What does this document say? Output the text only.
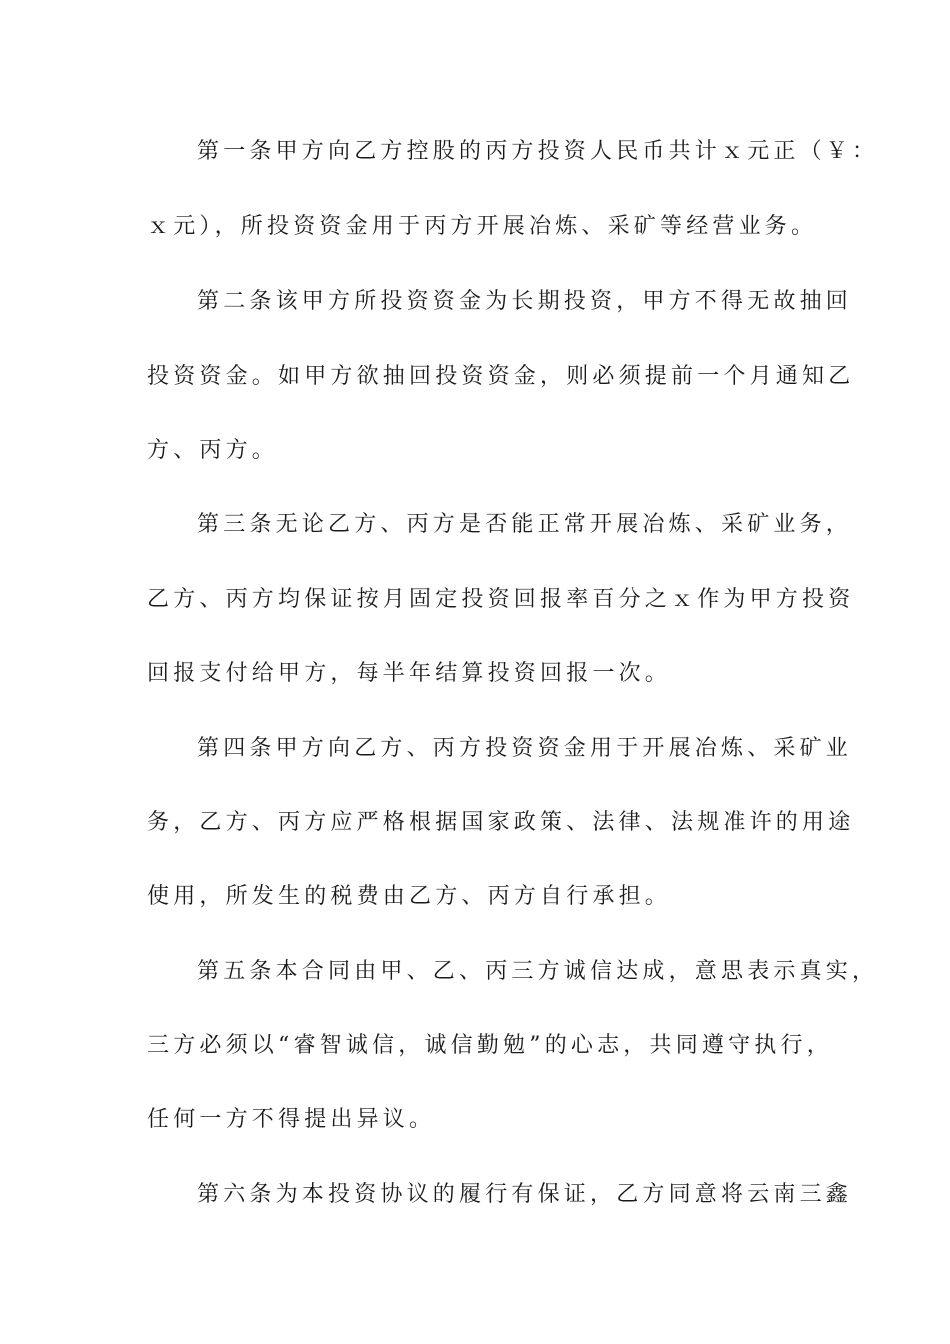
第一条甲方向乙方控股的丙方投资人民币共计ｘ元正（￥：
ｘ元），所投资资金用于丙方开展冶炼、采矿等经营业务。
第二条该甲方所投资资金为长期投资，甲方不得无故抽回
投资资金。如甲方欲抽回投资资金，则必须提前一个月通知乙
方、丙方。
第三条无论乙方、丙方是否能正常开展冶炼、采矿业务，
乙方、丙方均保证按月固定投资回报率百分之ｘ作为甲方投资
回报支付给甲方，每半年结算投资回报一次。
第四条甲方向乙方、丙方投资资金用于开展冶炼、采矿业
务，乙方、丙方应严格根据国家政策、法律、法规准许的用途
使用，所发生的税费由乙方、丙方自行承担。
第五条本合同由甲、乙、丙三方诚信达成，意思表示真实，
三方必须以“睿智诚信，诚信勤勉”的心志，共同遵守执行，
任何一方不得提出异议。
第六条为本投资协议的履行有保证，乙方同意将云南三鑫
